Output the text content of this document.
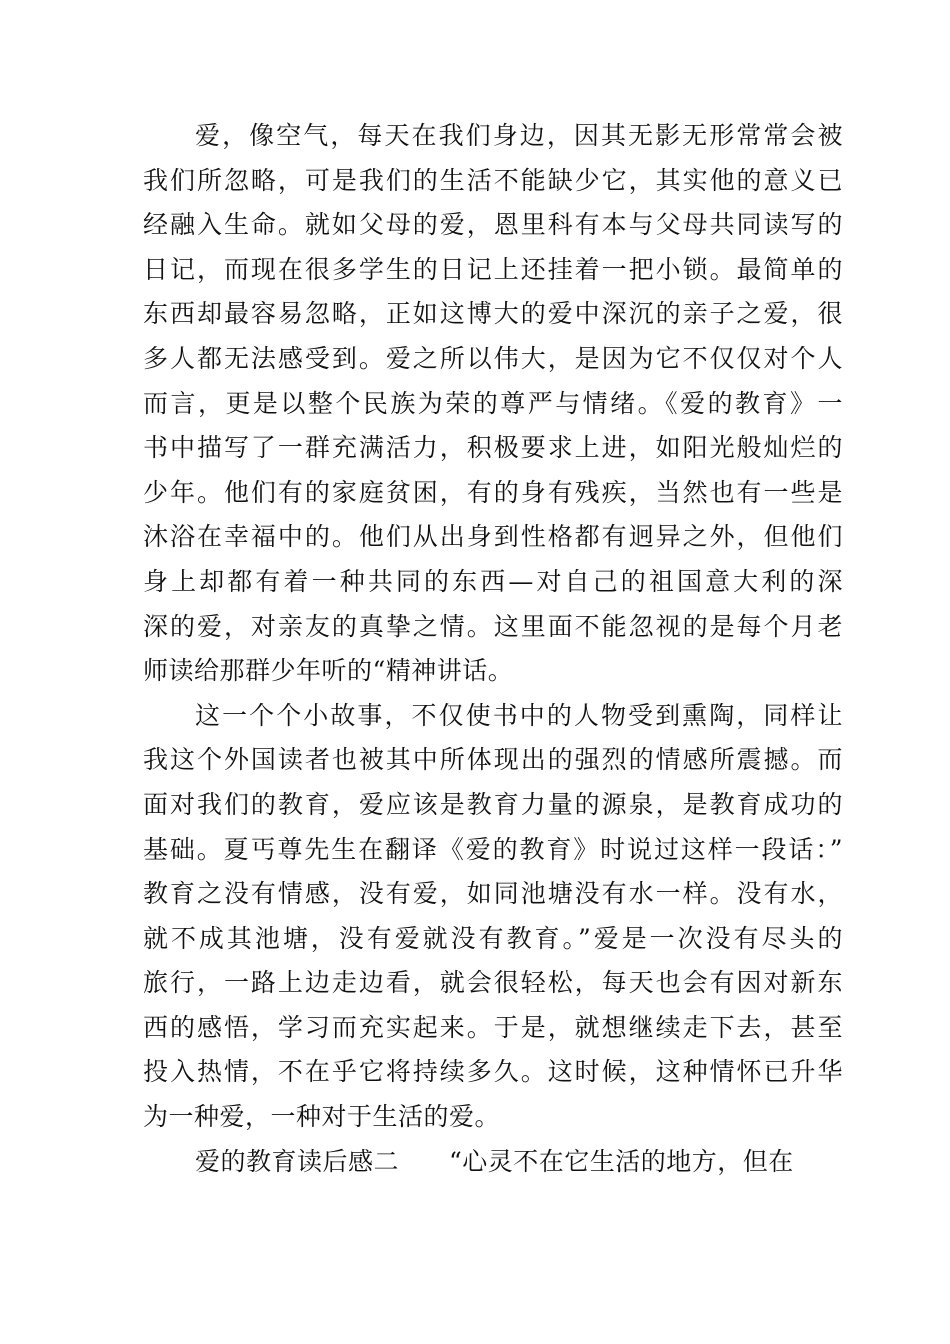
爱，像空气，每天在我们身边，因其无影无形常常会被
我们所忽略，可是我们的生活不能缺少它，其实他的意义已
经融入生命。就如父母的爱，恩里科有本与父母共同读写的
日记，而现在很多学生的日记上还挂着一把小锁。最简单的
东西却最容易忽略，正如这博大的爱中深沉的亲子之爱，很
多人都无法感受到。爱之所以伟大，是因为它不仅仅对个人
而言，更是以整个民族为荣的尊严与情绪。《爱的教育》一
书中描写了一群充满活力，积极要求上进，如阳光般灿烂的
少年。他们有的家庭贫困，有的身有残疾，当然也有一些是
沐浴在幸福中的。他们从出身到性格都有迥异之外，但他们
身上却都有着一种共同的东西—对自己的祖国意大利的深
深的爱，对亲友的真挚之情。这里面不能忽视的是每个月老
师读给那群少年听的“精神讲话。
这一个个小故事，不仅使书中的人物受到熏陶，同样让
我这个外国读者也被其中所体现出的强烈的情感所震撼。而
面对我们的教育，爱应该是教育力量的源泉，是教育成功的
基础。夏丐尊先生在翻译《爱的教育》时说过这样一段话：”
教育之没有情感，没有爱，如同池塘没有水一样。没有水，
就不成其池塘，没有爱就没有教育。”爱是一次没有尽头的
旅行，一路上边走边看，就会很轻松，每天也会有因对新东
西的感悟，学习而充实起来。于是，就想继续走下去，甚至
投入热情，不在乎它将持续多久。这时候，这种情怀已升华
为一种爱，一种对于生活的爱。
爱的教育读后感二 “心灵不在它生活的地方，但在
